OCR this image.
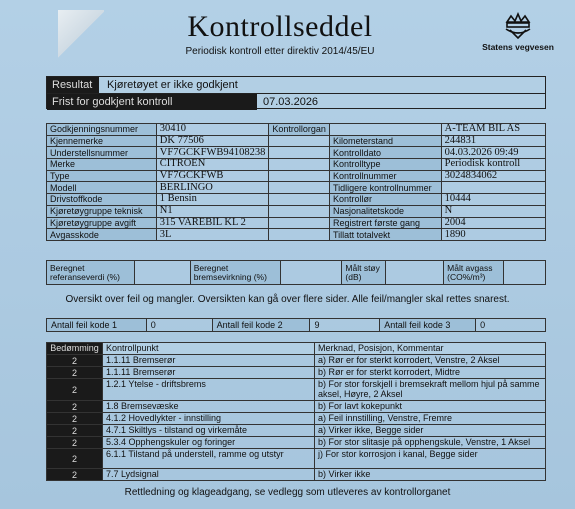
Kontrollseddel
Periodisk kontroll etter direktiv 2014/45/EU	Statens vegvesen
Resultat	Kjøretøyet er ikke godkjent
Frist for godkjent kontroll	07.03.2026
Godkjenningsnummer	30410	Kontrollorgan		A-TEAM BIL AS
Kjennemerke	DK 77506		Kilometerstand	244831
Understellsnummer	VF7GCKFWB94108238		Kontrolldato	04.03.2026 09:49
Merke	CITROEN		Kontrolltype	Periodisk kontroll
Type	VF7GCKFWB		Kontrollnummer	3024834062
Modell	BERLINGO		Tidligere kontrollnummer	
Drivstoffkode	1 Bensin		Kontrollør	10444
Kjøretøygruppe teknisk	N1		Nasjonalitetskode	N
Kjøretøygruppe avgift	315 VAREBIL KL 2		Registrert første gang	2004
Avgasskode	3L		Tillatt totalvekt	1890
Beregnet referanseverdi (%)		Beregnet bremsevirkning (%)		Målt støy (dB)		Målt avgass (CO%/m³)	
Oversikt over feil og mangler. Oversikten kan gå over flere sider. Alle feil/mangler skal rettes snarest.
Antall feil kode 1	0	Antall feil kode 2	9	Antall feil kode 3	0
Bedømming	Kontrollpunkt	Merknad, Posisjon, Kommentar
2	1.1.11 Bremserør	a) Rør er for sterkt korrodert, Venstre, 2 Aksel
2	1.1.11 Bremserør	b) Rør er for sterkt korrodert, Midtre
2	1.2.1 Ytelse - driftsbrems	b) For stor forskjell i bremsekraft mellom hjul på samme aksel, Høyre, 2 Aksel
2	1.8 Bremsevæske	b) For lavt kokepunkt
2	4.1.2 Hovedlykter - innstilling	a) Feil innstilling, Venstre, Fremre
2	4.7.1 Skiltlys - tilstand og virkemåte	a) Virker ikke, Begge sider
2	5.3.4 Opphengskuler og foringer	b) For stor slitasje på opphengskule, Venstre, 1 Aksel
2	6.1.1 Tilstand på understell, ramme og utstyr	j) For stor korrosjon i kanal, Begge sider
2	7.7 Lydsignal	b) Virker ikke
Rettledning og klageadgang, se vedlegg som utleveres av kontrollorganet
